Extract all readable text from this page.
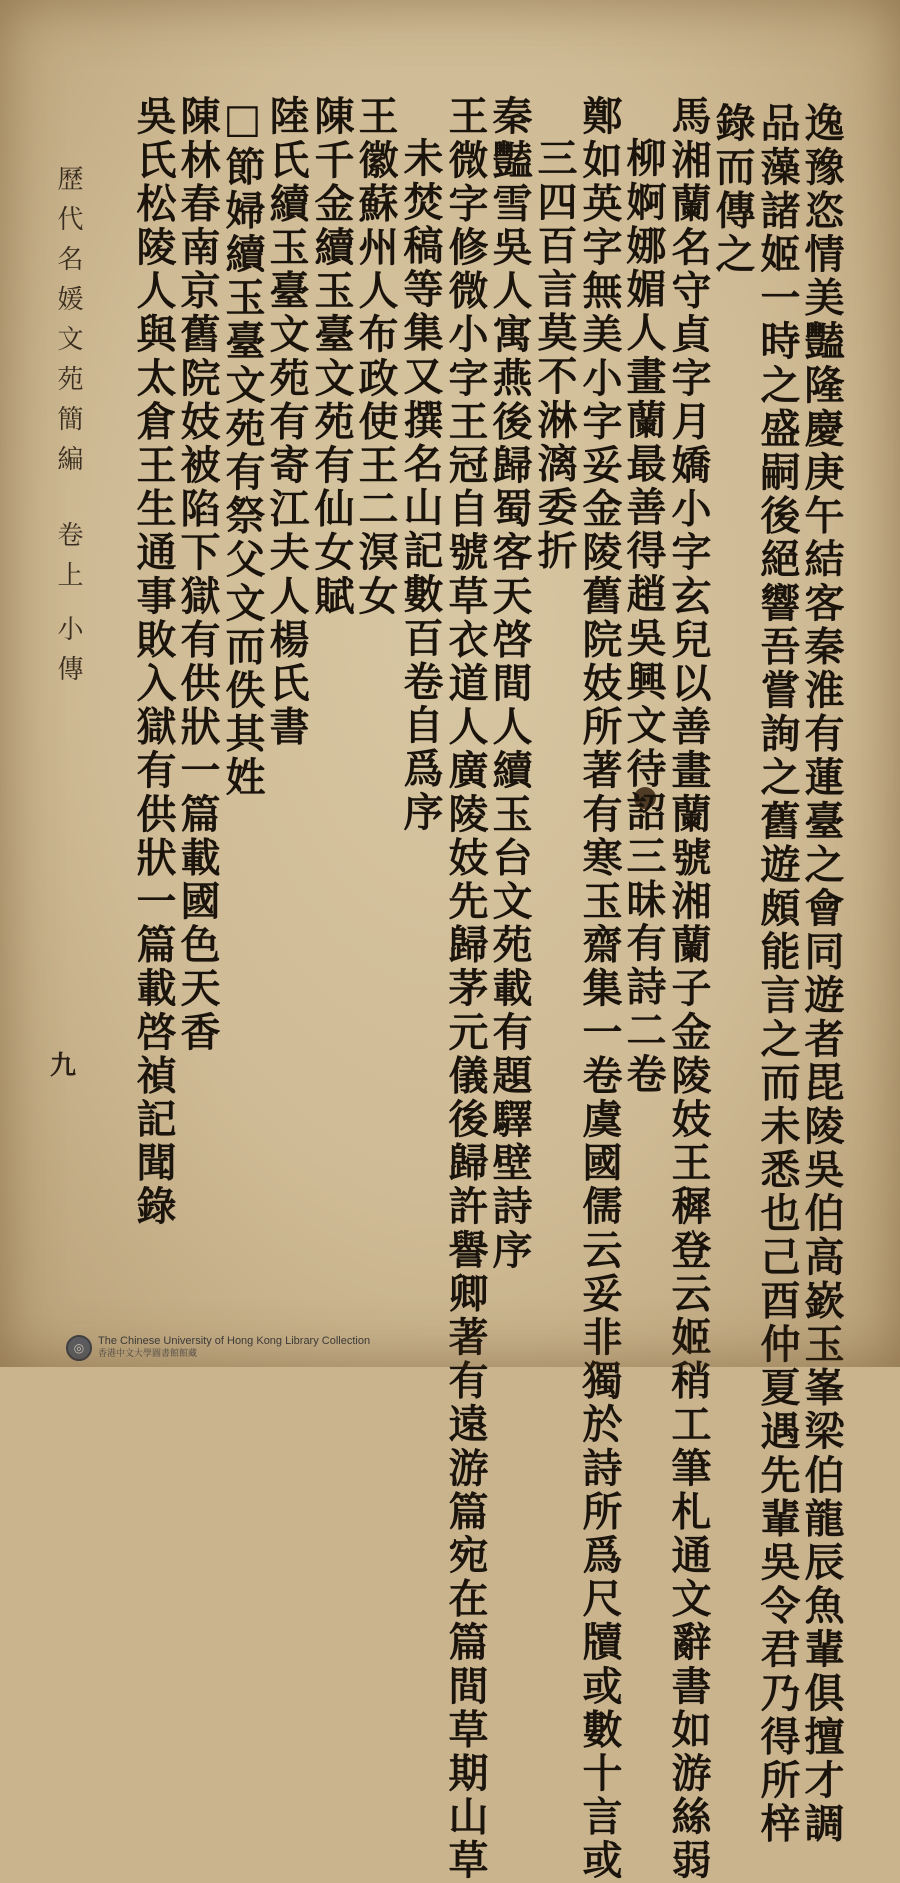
逸豫恣情美豔隆慶庚午結客秦淮有蓮臺之會同遊者毘陵吳伯高嶔玉峯梁伯龍辰魚輩俱擅才調
品藻諸姬一時之盛嗣後絕響吾嘗詢之舊遊頗能言之而未悉也己酉仲夏遇先輩吳令君乃得所梓
錄而傳之
馬湘蘭名守貞字月嬌小字玄兒以善畫蘭號湘蘭子金陵妓王穉登云姬稍工筆札通文辭書如游絲弱
柳婀娜媚人畫蘭最善得趙吳興文待詔三昧有詩二卷
鄭如英字無美小字妥金陵舊院妓所著有寒玉齋集一卷虞國儒云妥非獨於詩所爲尺牘或數十言或
三四百言莫不淋漓委折
秦豔雪吳人寓燕後歸蜀客天啓間人續玉台文苑載有題驛壁詩序
王微字修微小字王冠自號草衣道人廣陵妓先歸茅元儀後歸許譽卿著有遠游篇宛在篇間草期山草
未焚稿等集又撰名山記數百卷自爲序
王徽蘇州人布政使王二溟女
陳千金續玉臺文苑有仙女賦
陸氏續玉臺文苑有寄江夫人楊氏書
□節婦續玉臺文苑有祭父文而佚其姓
陳林春南京舊院妓被陷下獄有供狀一篇載國色天香
吳氏松陵人與太倉王生通事敗入獄有供狀一篇載啓禎記聞錄
歷代名媛文苑簡編卷上小傳
九
◎	The Chinese University of Hong Kong Library Collection
香港中文大學圖書館館藏
